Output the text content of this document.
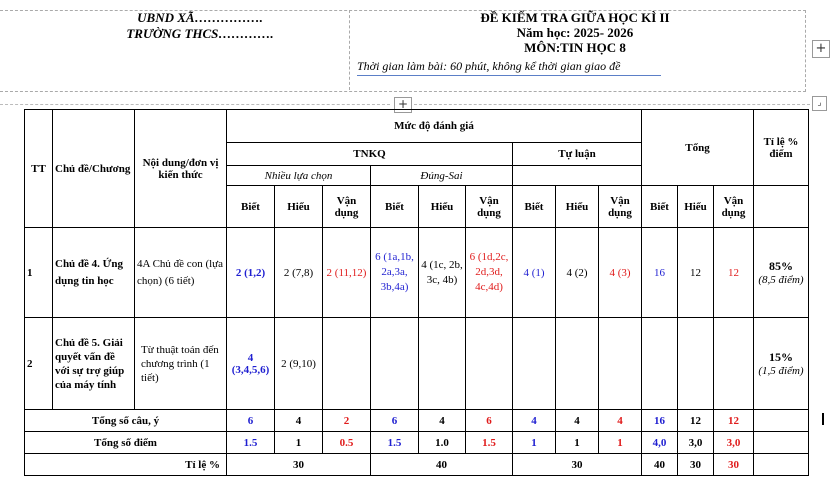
UBND XÃ…………….
TRƯỜNG THCS………….
ĐỀ KIỂM TRA GIỮA HỌC KÌ II
Năm học: 2025- 2026
MÔN:TIN HỌC 8
Thời gian làm bài: 60 phút, không kể thời gian giao đề
+
+	⌟
TT	Chủ đề/Chương	Nội dung/đơn vị kiến thức	Mức độ đánh giá									Tổng			Tỉ lệ % điểm
			TNKQ						Tự luận						
			Nhiều lựa chọn			Đúng-Sai									
			Biết	Hiểu	Vận dụng	Biết	Hiểu	Vận dụng	Biết	Hiểu	Vận dụng	Biết	Hiểu	Vận dụng	
1	Chủ đề 4. Ứng dụng tin học	4A Chủ đề con (lựa chọn) (6 tiết)	2 (1,2)	2 (7,8)	2 (11,12)	6 (1a,1b, 2a,3a, 3b,4a)	4 (1c, 2b, 3c, 4b)	6 (1d,2c, 2d,3d, 4c,4d)	4 (1)	4 (2)	4 (3)	16	12	12	85%
(8,5 điểm)

2	Chủ đề 5. Giải quyết vấn đề với sự trợ giúp của máy tính	Từ thuật toán đến chương trình (1 tiết)	4 (3,4,5,6)	2 (9,10)											15%
(1,5 điểm)

Tổng số câu, ý			6	4	2	6	4	6	4	4	4	16	12	12	
Tổng số điểm			1.5	1	0.5	1.5	1.0	1.5	1	1	1	4,0	3,0	3,0	
Tỉ lệ %			30			40			30			40	30	30	
